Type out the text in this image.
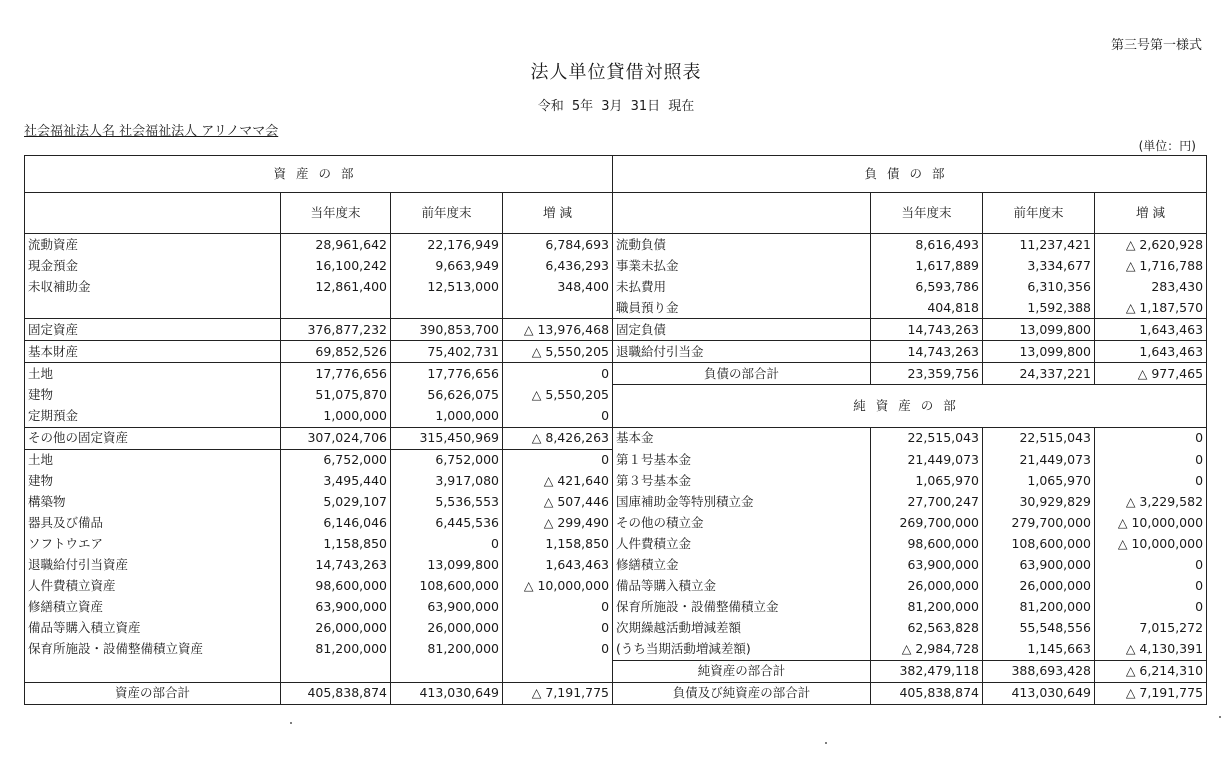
第三号第一様式
法人単位貸借対照表
令和 5年 3月 31日 現在
社会福祉法人名 社会福祉法人 アリノママ会
(単位：円)
資産の部				負債の部			
	当年度末	前年度末	増 減		当年度末	前年度末	増 減
流動資産	28,961,642	22,176,949	6,784,693	流動負債	8,616,493	11,237,421	△ 2,620,928
現金預金	16,100,242	9,663,949	6,436,293	事業未払金	1,617,889	3,334,677	△ 1,716,788
未収補助金	12,861,400	12,513,000	348,400	未払費用	6,593,786	6,310,356	283,430
				職員預り金	404,818	1,592,388	△ 1,187,570
固定資産	376,877,232	390,853,700	△ 13,976,468	固定負債	14,743,263	13,099,800	1,643,463
基本財産	69,852,526	75,402,731	△ 5,550,205	退職給付引当金	14,743,263	13,099,800	1,643,463
土地	17,776,656	17,776,656	0	負債の部合計	23,359,756	24,337,221	△ 977,465
建物	51,075,870	56,626,075	△ 5,550,205	純資産の部			
定期預金	1,000,000	1,000,000	0				
その他の固定資産	307,024,706	315,450,969	△ 8,426,263	基本金	22,515,043	22,515,043	0
土地	6,752,000	6,752,000	0	第１号基本金	21,449,073	21,449,073	0
建物	3,495,440	3,917,080	△ 421,640	第３号基本金	1,065,970	1,065,970	0
構築物	5,029,107	5,536,553	△ 507,446	国庫補助金等特別積立金	27,700,247	30,929,829	△ 3,229,582
器具及び備品	6,146,046	6,445,536	△ 299,490	その他の積立金	269,700,000	279,700,000	△ 10,000,000
ソフトウエア	1,158,850	0	1,158,850	人件費積立金	98,600,000	108,600,000	△ 10,000,000
退職給付引当資産	14,743,263	13,099,800	1,643,463	修繕積立金	63,900,000	63,900,000	0
人件費積立資産	98,600,000	108,600,000	△ 10,000,000	備品等購入積立金	26,000,000	26,000,000	0
修繕積立資産	63,900,000	63,900,000	0	保育所施設・設備整備積立金	81,200,000	81,200,000	0
備品等購入積立資産	26,000,000	26,000,000	0	次期繰越活動増減差額	62,563,828	55,548,556	7,015,272
保育所施設・設備整備積立資産	81,200,000	81,200,000	0	(うち当期活動増減差額)	△ 2,984,728	1,145,663	△ 4,130,391
				純資産の部合計	382,479,118	388,693,428	△ 6,214,310
資産の部合計	405,838,874	413,030,649	△ 7,191,775	負債及び純資産の部合計	405,838,874	413,030,649	△ 7,191,775
